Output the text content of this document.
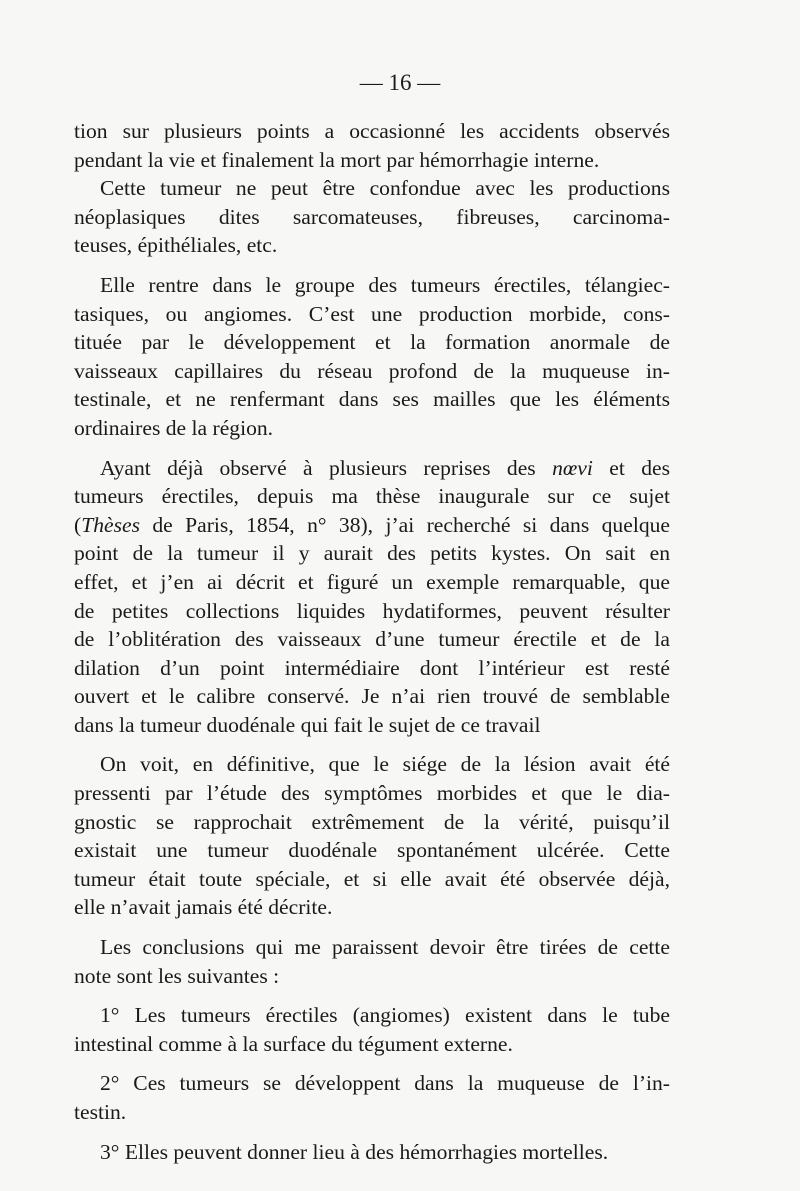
— 16 —
tion sur plusieurs points a occasionné les accidents observés
pendant la vie et finalement la mort par hémorrhagie interne.
Cette tumeur ne peut être confondue avec les productions
néoplasiques dites sarcomateuses, fibreuses, carcinoma-
teuses, épithéliales, etc.
Elle rentre dans le groupe des tumeurs érectiles, télangiec-
tasiques, ou angiomes. C’est une production morbide, cons-
tituée par le développement et la formation anormale de
vaisseaux capillaires du réseau profond de la muqueuse in-
testinale, et ne renfermant dans ses mailles que les éléments
ordinaires de la région.
Ayant déjà observé à plusieurs reprises des nœvi et des
tumeurs érectiles, depuis ma thèse inaugurale sur ce sujet
(Thèses de Paris, 1854, n° 38), j’ai recherché si dans quelque
point de la tumeur il y aurait des petits kystes. On sait en
effet, et j’en ai décrit et figuré un exemple remarquable, que
de petites collections liquides hydatiformes, peuvent résulter
de l’oblitération des vaisseaux d’une tumeur érectile et de la
dilation d’un point intermédiaire dont l’intérieur est resté
ouvert et le calibre conservé. Je n’ai rien trouvé de semblable
dans la tumeur duodénale qui fait le sujet de ce travail
On voit, en définitive, que le siége de la lésion avait été
pressenti par l’étude des symptômes morbides et que le dia-
gnostic se rapprochait extrêmement de la vérité, puisqu’il
existait une tumeur duodénale spontanément ulcérée. Cette
tumeur était toute spéciale, et si elle avait été observée déjà,
elle n’avait jamais été décrite.
Les conclusions qui me paraissent devoir être tirées de cette
note sont les suivantes :
1° Les tumeurs érectiles (angiomes) existent dans le tube
intestinal comme à la surface du tégument externe.
2° Ces tumeurs se développent dans la muqueuse de l’in-
testin.
3° Elles peuvent donner lieu à des hémorrhagies mortelles.
